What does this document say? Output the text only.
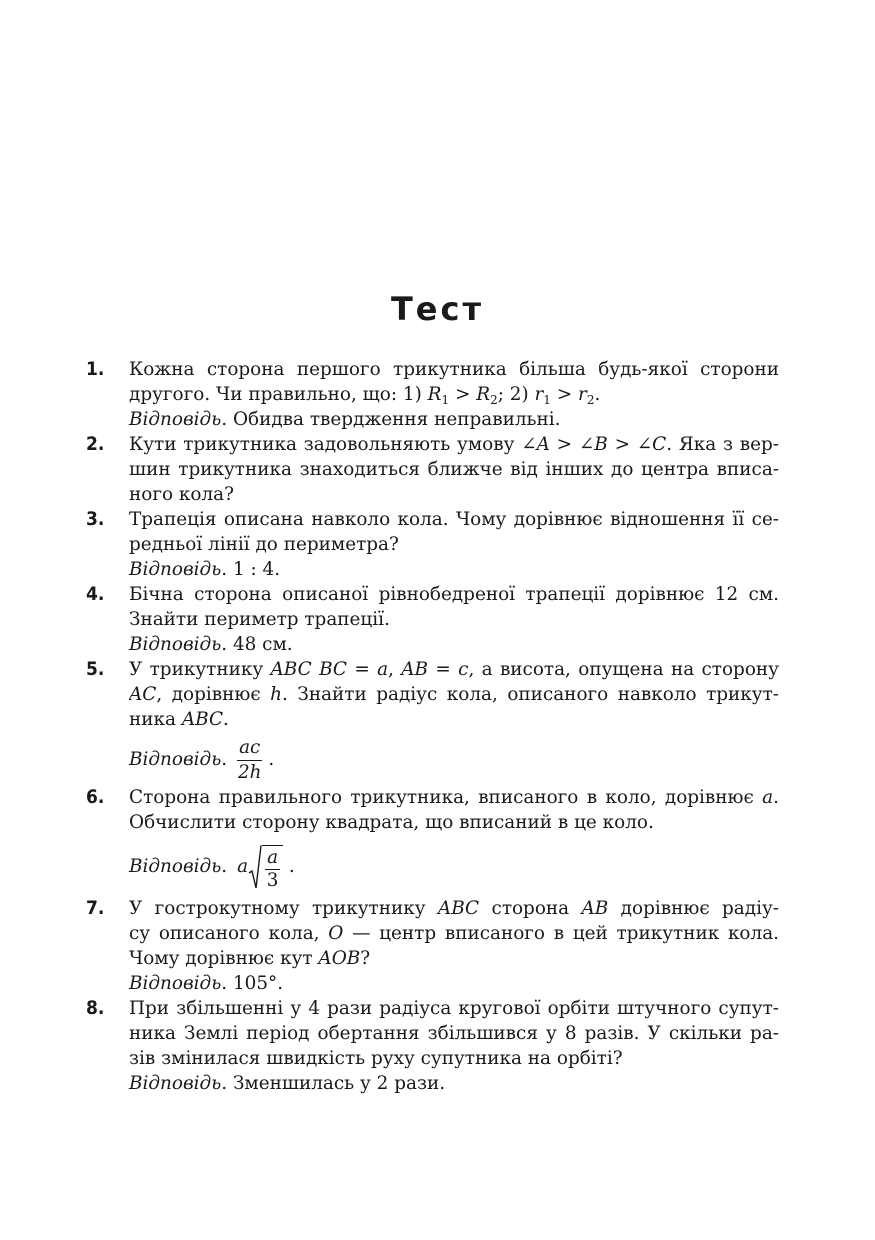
Тест
1. Кожна сторона першого трикутника більша будь-якої сторони
другого. Чи правильно, що: 1) $R_1 > R_2$; 2) $r_1 > r_2$.
Відповідь. Обидва твердження неправильні.
2. Кути трикутника задовольняють умову ∠A > ∠B > ∠C. Яка з вер-
шин трикутника знаходиться ближче від інших до центра вписа-
ного кола?
3. Трапеція описана навколо кола. Чому дорівнює відношення її се-
редньої лінії до периметра?
Відповідь. 1 : 4.
4. Бічна сторона описаної рівнобедреної трапеції дорівнює 12 см.
Знайти периметр трапеції.
Відповідь. 48 см.
5. У трикутнику ABC BC = a, AB = c, а висота, опущена на сторону
AC, дорівнює h. Знайти радіус кола, описаного навколо трикут-
ника ABC.
Відповідь . $\frac{ac}{2h}$ .
6. Сторона правильного трикутника, вписаного в коло, дорівнює a.
Обчислити сторону квадрата, що вписаний в це коло.
Відповідь . a $\frac{a}{3}$ .
7. У гострокутному трикутнику ABC сторона AB дорівнює радіу-
су описаного кола, O — центр вписаного в цей трикутник кола.
Чому дорівнює кут AOB?
Відповідь. 105°.
8. При збільшенні у 4 рази радіуса кругової орбіти штучного супут-
ника Землі період обертання збільшився у 8 разів. У скільки ра-
зів змінилася швидкість руху супутника на орбіті?
Відповідь. Зменшилась у 2 рази.
